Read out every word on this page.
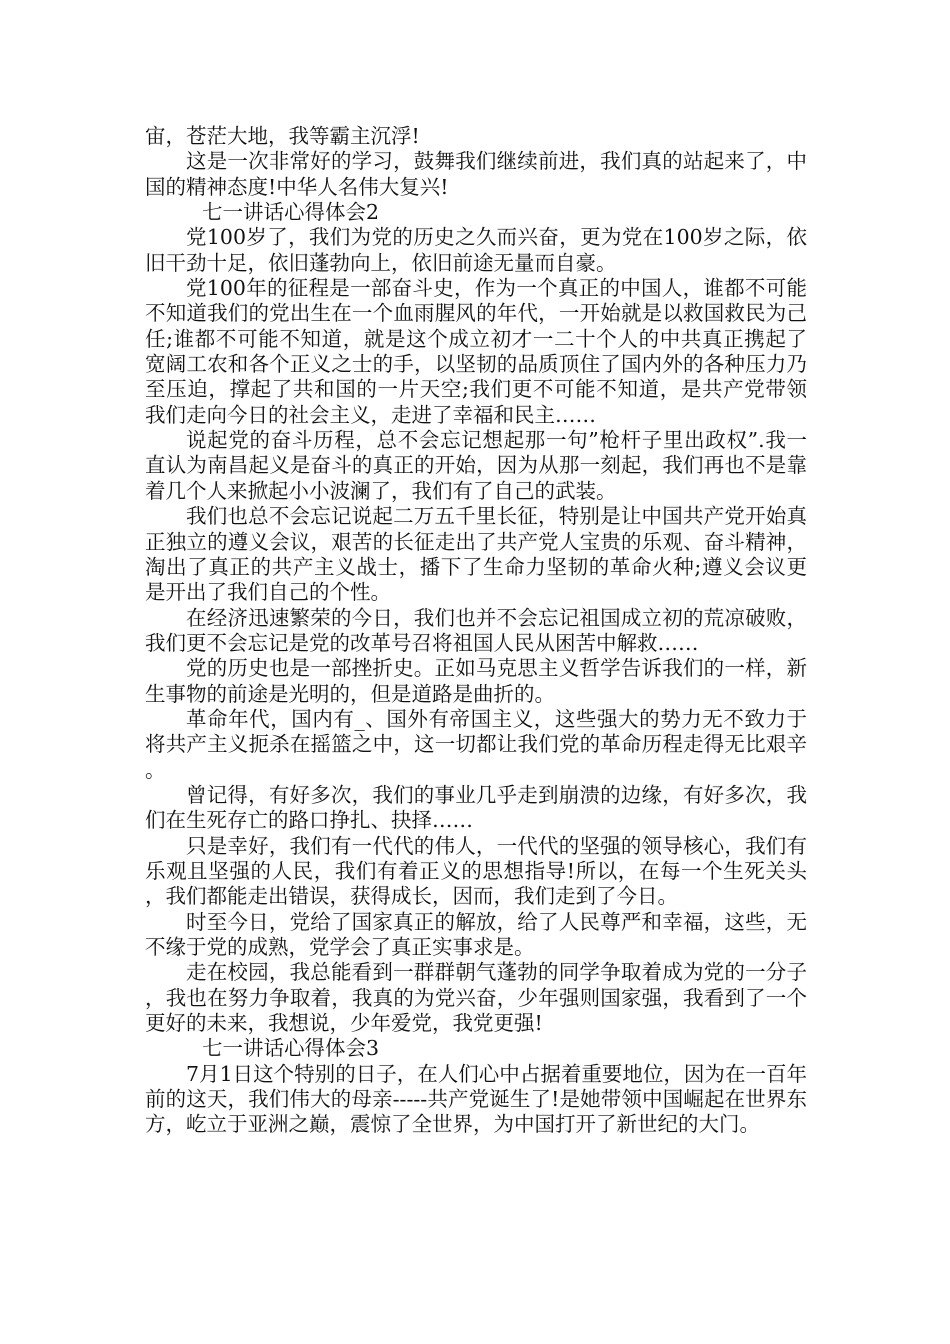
宙，苍茫大地，我等霸主沉浮!

这是一次非常好的学习，鼓舞我们继续前进，我们真的站起来了，中国的精神态度!中华人名伟大复兴!

七一讲话心得体会2

党100岁了，我们为党的历史之久而兴奋，更为党在100岁之际，依旧干劲十足，依旧蓬勃向上，依旧前途无量而自豪。

党100年的征程是一部奋斗史，作为一个真正的中国人，谁都不可能不知道我们的党出生在一个血雨腥风的年代，一开始就是以救国救民为己任;谁都不可能不知道，就是这个成立初才一二十个人的中共真正携起了宽阔工农和各个正义之士的手，以坚韧的品质顶住了国内外的各种压力乃至压迫，撑起了共和国的一片天空;我们更不可能不知道，是共产党带领我们走向今日的社会主义，走进了幸福和民主……

说起党的奋斗历程，总不会忘记想起那一句”枪杆子里出政权”.我一直认为南昌起义是奋斗的真正的开始，因为从那一刻起，我们再也不是靠着几个人来掀起小小波澜了，我们有了自己的武装。

我们也总不会忘记说起二万五千里长征，特别是让中国共产党开始真正独立的遵义会议，艰苦的长征走出了共产党人宝贵的乐观、奋斗精神，淘出了真正的共产主义战士，播下了生命力坚韧的革命火种;遵义会议更是开出了我们自己的个性。

在经济迅速繁荣的今日，我们也并不会忘记祖国成立初的荒凉破败，我们更不会忘记是党的改革号召将祖国人民从困苦中解救……

党的历史也是一部挫折史。正如马克思主义哲学告诉我们的一样，新生事物的前途是光明的，但是道路是曲折的。

革命年代，国内有_、国外有帝国主义，这些强大的势力无不致力于将共产主义扼杀在摇篮之中，这一切都让我们党的革命历程走得无比艰辛。

曾记得，有好多次，我们的事业几乎走到崩溃的边缘，有好多次，我们在生死存亡的路口挣扎、抉择……

只是幸好，我们有一代代的伟人，一代代的坚强的领导核心，我们有乐观且坚强的人民，我们有着正义的思想指导!所以，在每一个生死关头，我们都能走出错误，获得成长，因而，我们走到了今日。

时至今日，党给了国家真正的解放，给了人民尊严和幸福，这些，无不缘于党的成熟，党学会了真正实事求是。

走在校园，我总能看到一群群朝气蓬勃的同学争取着成为党的一分子，我也在努力争取着，我真的为党兴奋，少年强则国家强，我看到了一个更好的未来，我想说，少年爱党，我党更强!

七一讲话心得体会3

7月1日这个特别的日子，在人们心中占据着重要地位，因为在一百年前的这天，我们伟大的母亲-----共产党诞生了!是她带领中国崛起在世界东方，屹立于亚洲之巅，震惊了全世界，为中国打开了新世纪的大门。
